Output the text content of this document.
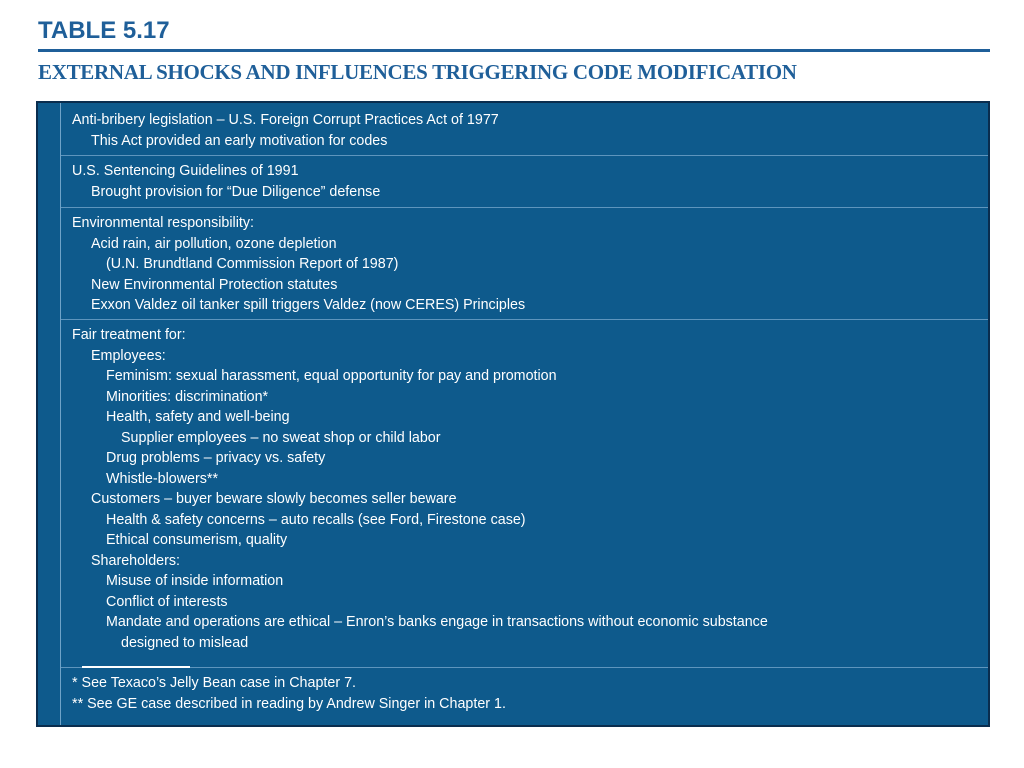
TABLE 5.17
EXTERNAL SHOCKS AND INFLUENCES TRIGGERING CODE MODIFICATION
Anti-bribery legislation – U.S. Foreign Corrupt Practices Act of 1977
This Act provided an early motivation for codes
U.S. Sentencing Guidelines of 1991
Brought provision for “Due Diligence” defense
Environmental responsibility:
Acid rain, air pollution, ozone depletion
(U.N. Brundtland Commission Report of 1987)
New Environmental Protection statutes
Exxon Valdez oil tanker spill triggers Valdez (now CERES) Principles
Fair treatment for:
Employees:
Feminism: sexual harassment, equal opportunity for pay and promotion
Minorities: discrimination*
Health, safety and well-being
Supplier employees – no sweat shop or child labor
Drug problems – privacy vs. safety
Whistle-blowers**
Customers – buyer beware slowly becomes seller beware
Health & safety concerns – auto recalls (see Ford, Firestone case)
Ethical consumerism, quality
Shareholders:
Misuse of inside information
Conflict of interests
Mandate and operations are ethical – Enron’s banks engage in transactions without economic substance
designed to mislead
* See Texaco’s Jelly Bean case in Chapter 7.
** See GE case described in reading by Andrew Singer in Chapter 1.
